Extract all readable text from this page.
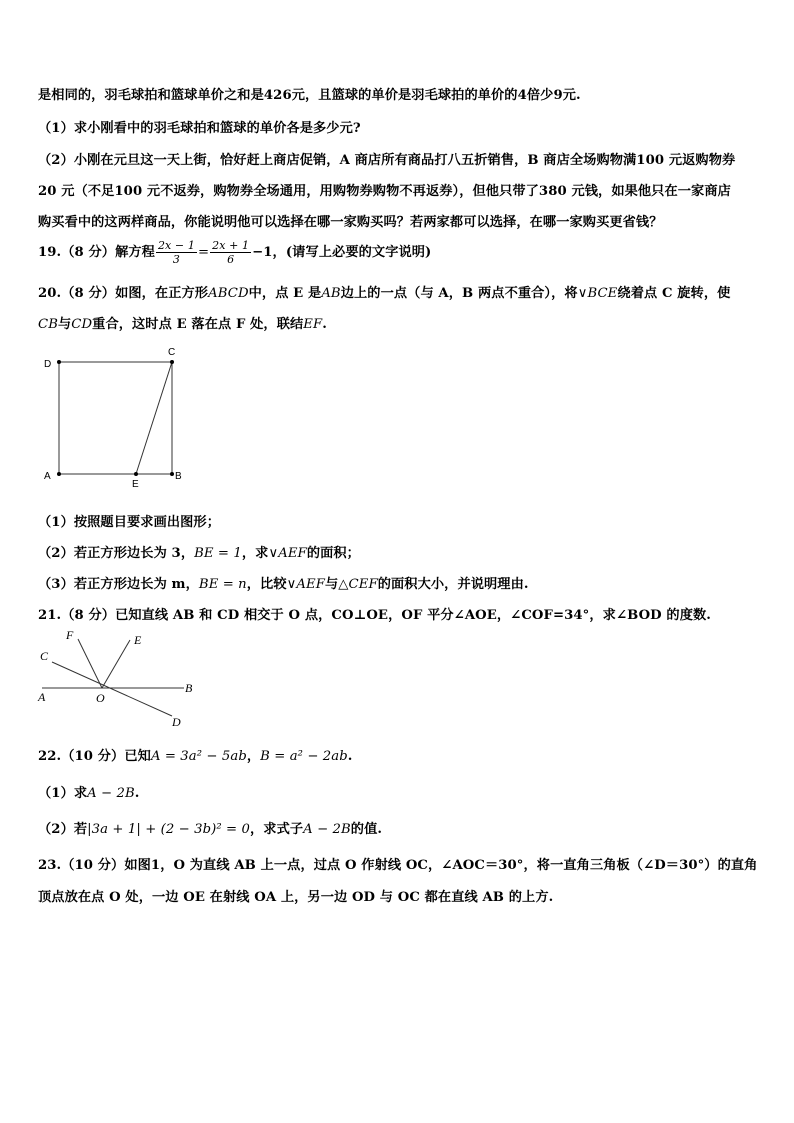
是相同的，羽毛球拍和篮球单价之和是426元，且篮球的单价是羽毛球拍的单价的4倍少9元.
（1）求小刚看中的羽毛球拍和篮球的单价各是多少元?
（2）小刚在元旦这一天上街，恰好赶上商店促销，A 商店所有商品打八五折销售，B 商店全场购物满100 元返购物券
20 元（不足100 元不返券，购物券全场通用，用购物券购物不再返券），但他只带了380 元钱，如果他只在一家商店
购买看中的这两样商品，你能说明他可以选择在哪一家购买吗？若两家都可以选择，在哪一家购买更省钱？
19.（8 分）解方程 $\frac{2x - 1}{3} = \frac{2x + 1}{6} -1$，(请写上必要的文字说明)
20.（8 分）如图，在正方形ABCD中，点 E 是AB边上的一点（与 A，B 两点不重合），将∨BCE绕着点 C 旋转，使
CB与CD重合，这时点 E 落在点 F 处，联结EF.
D
C
A
E
B
（1）按照题目要求画出图形；
（2）若正方形边长为 3，BE = 1，求∨AEF的面积；
（3）若正方形边长为 m，BE = n，比较∨AEF与△CEF的面积大小，并说明理由.
21.（8 分）已知直线 AB 和 CD 相交于 O 点，CO⊥OE，OF 平分∠AOE，∠COF=34°，求∠BOD 的度数.
F	E
C
A	O
B
D
22.（10 分）已知A = 3a² − 5ab，B = a² − 2ab.
（1）求A − 2B.
（2）若|3a + 1| + (2 − 3b)² = 0，求式子A − 2B的值.
23.（10 分）如图1，O 为直线 AB 上一点，过点 O 作射线 OC，∠AOC＝30°，将一直角三角板（∠D＝30°）的直角
顶点放在点 O 处，一边 OE 在射线 OA 上，另一边 OD 与 OC 都在直线 AB 的上方.
